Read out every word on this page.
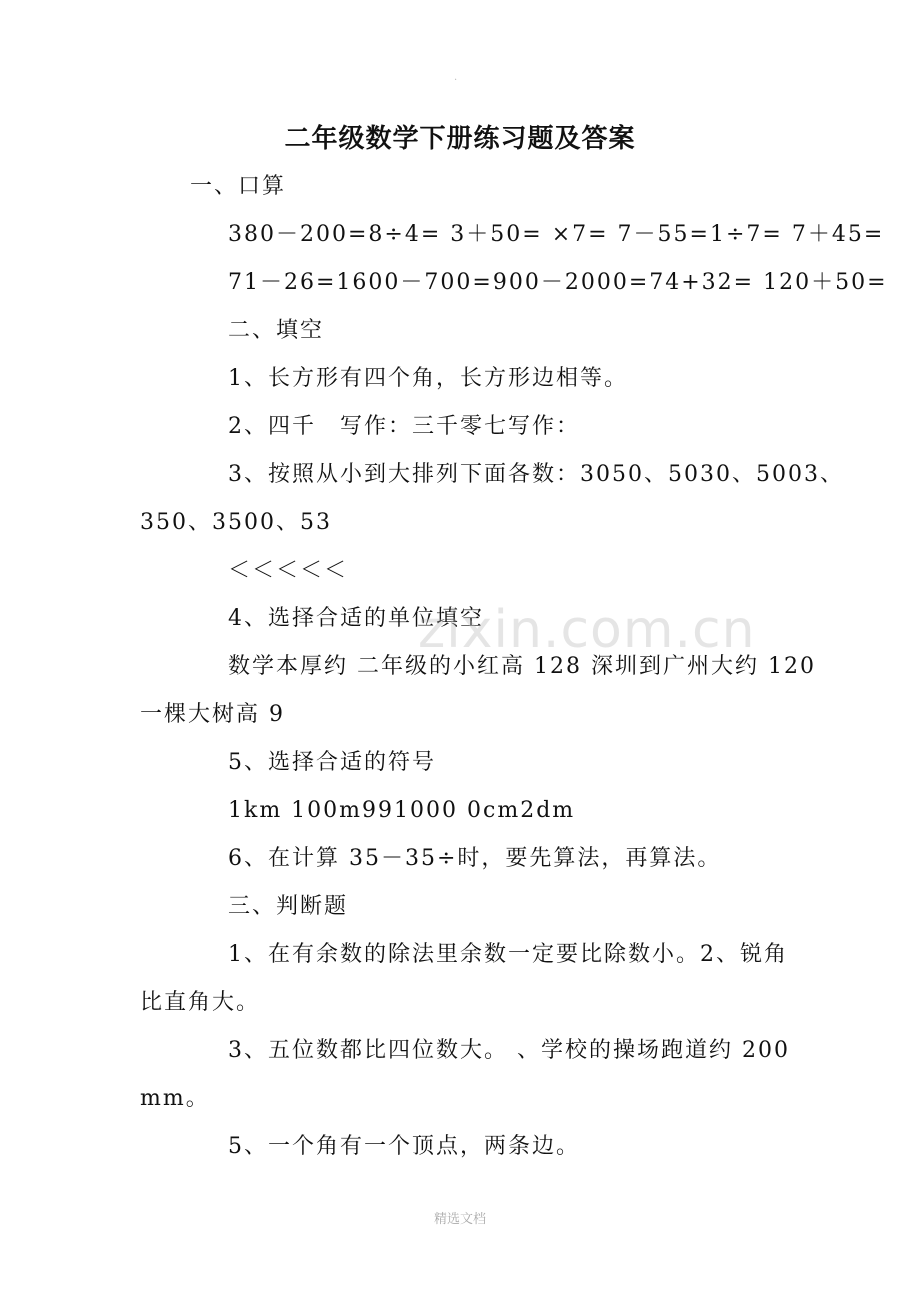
.
二年级数学下册练习题及答案
一、口算
380－200=8÷4= 3＋50= ×7= 7－55=1÷7= 7＋45=
71－26=1600－700=900－2000=74+32= 120＋50=
二、填空
1、长方形有四个角，长方形边相等。
2、四千　写作：三千零七写作：
3、按照从小到大排列下面各数：3050、5030、5003、
350、3500、53
＜＜＜＜＜
4、选择合适的单位填空
数学本厚约 二年级的小红高 128 深圳到广州大约 120
一棵大树高 9
5、选择合适的符号
1km 100m991000 0cm2dm
6、在计算 35－35÷时，要先算法，再算法。
三、判断题
1、在有余数的除法里余数一定要比除数小。2、锐角
比直角大。
3、五位数都比四位数大。 、学校的操场跑道约 200
mm。
5、一个角有一个顶点，两条边。
zixin.com.cn
精选文档
